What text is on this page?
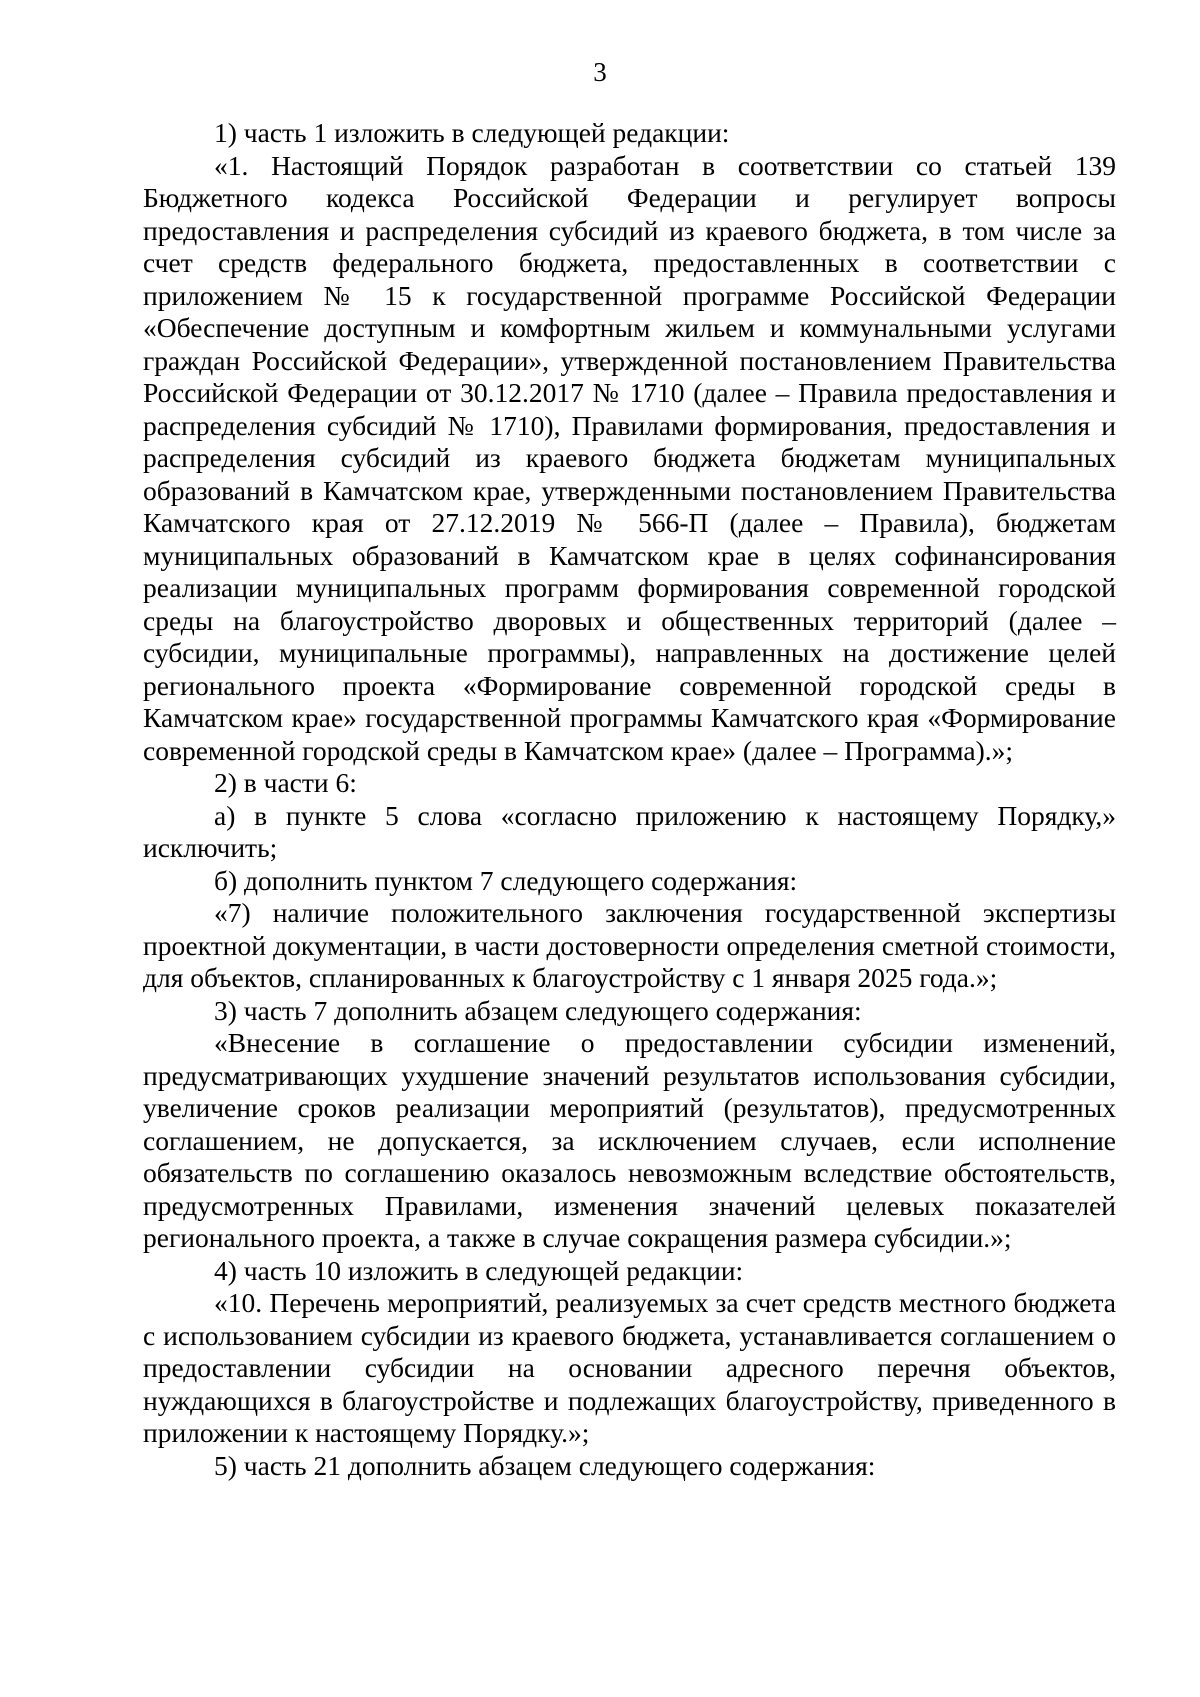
3

1) часть 1 изложить в следующей редакции:

«1. Настоящий Порядок разработан в соответствии со статьей 139 Бюджетного кодекса Российской Федерации и регулирует вопросы предоставления и распределения субсидий из краевого бюджета, в том числе за счет средств федерального бюджета, предоставленных в соответствии с приложением № 15 к государственной программе Российской Федерации «Обеспечение доступным и комфортным жильем и коммунальными услугами граждан Российской Федерации», утвержденной постановлением Правительства Российской Федерации от 30.12.2017 № 1710 (далее – Правила предоставления и распределения субсидий № 1710), Правилами формирования, предоставления и распределения субсидий из краевого бюджета бюджетам муниципальных образований в Камчатском крае, утвержденными постановлением Правительства Камчатского края от 27.12.2019 № 566-П (далее – Правила), бюджетам муниципальных образований в Камчатском крае в целях софинансирования реализации муниципальных программ формирования современной городской среды на благоустройство дворовых и общественных территорий (далее – субсидии, муниципальные программы), направленных на достижение целей регионального проекта «Формирование современной городской среды в Камчатском крае» государственной программы Камчатского края «Формирование современной городской среды в Камчатском крае» (далее – Программа).»;

2) в части 6:

а) в пункте 5 слова «согласно приложению к настоящему Порядку,» исключить;

б) дополнить пунктом 7 следующего содержания:

«7) наличие положительного заключения государственной экспертизы проектной документации, в части достоверности определения сметной стоимости, для объектов, спланированных к благоустройству с 1 января 2025 года.»;

3) часть 7 дополнить абзацем следующего содержания:

«Внесение в соглашение о предоставлении субсидии изменений, предусматривающих ухудшение значений результатов использования субсидии, увеличение сроков реализации мероприятий (результатов), предусмотренных соглашением, не допускается, за исключением случаев, если исполнение обязательств по соглашению оказалось невозможным вследствие обстоятельств, предусмотренных Правилами, изменения значений целевых показателей регионального проекта, а также в случае сокращения размера субсидии.»;

4) часть 10 изложить в следующей редакции:

«10. Перечень мероприятий, реализуемых за счет средств местного бюджета с использованием субсидии из краевого бюджета, устанавливается соглашением о предоставлении субсидии на основании адресного перечня объектов, нуждающихся в благоустройстве и подлежащих благоустройству, приведенного в приложении к настоящему Порядку.»;

5) часть 21 дополнить абзацем следующего содержания:
